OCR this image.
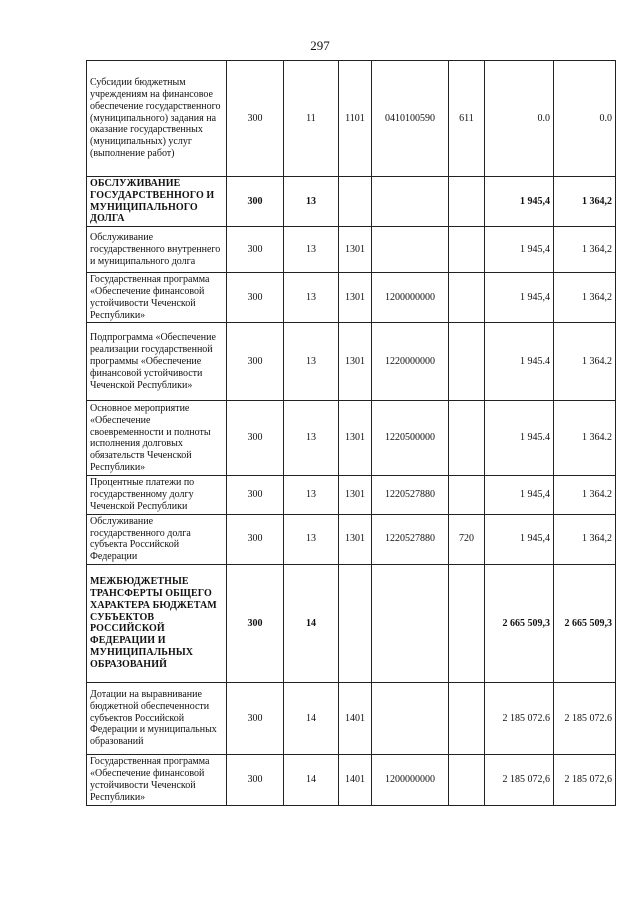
297
Субсидии бюджетным учреждениям на финансовое обеспечение государственного (муниципального) задания на оказание государственных (муниципальных) услуг (выполнение работ)	300	11	1101	0410100590	611	0.0	0.0
ОБСЛУЖИВАНИЕ ГОСУДАРСТВЕННОГО И МУНИЦИПАЛЬНОГО ДОЛГА	300	13				1 945,4	1 364,2
Обслуживание государственного внутреннего и муниципального долга	300	13	1301			1 945,4	1 364,2
Государственная программа «Обеспечение финансовой устойчивости Чеченской Республики»	300	13	1301	1200000000		1 945,4	1 364,2
Подпрограмма «Обеспечение реализации государственной программы «Обеспечение финансовой устойчивости Чеченской Республики»	300	13	1301	1220000000		1 945.4	1 364.2
Основное мероприятие «Обеспечение своевременности и полноты исполнения долговых обязательств Чеченской Республики»	300	13	1301	1220500000		1 945.4	1 364.2
Процентные платежи по государственному долгу Чеченской Республики	300	13	1301	1220527880		1 945,4	1 364.2
Обслуживание государственного долга субъекта Российской Федерации	300	13	1301	1220527880	720	1 945,4	1 364,2
МЕЖБЮДЖЕТНЫЕ ТРАНСФЕРТЫ ОБЩЕГО ХАРАКТЕРА БЮДЖЕТАМ СУБЪЕКТОВ РОССИЙСКОЙ ФЕДЕРАЦИИ И МУНИЦИПАЛЬНЫХ ОБРАЗОВАНИЙ	300	14				2 665 509,3	2 665 509,3
Дотации на выравнивание бюджетной обеспеченности субъектов Российской Федерации и муниципальных образований	300	14	1401			2 185 072.6	2 185 072.6
Государственная программа «Обеспечение финансовой устойчивости Чеченской Республики»	300	14	1401	1200000000		2 185 072,6	2 185 072,6
